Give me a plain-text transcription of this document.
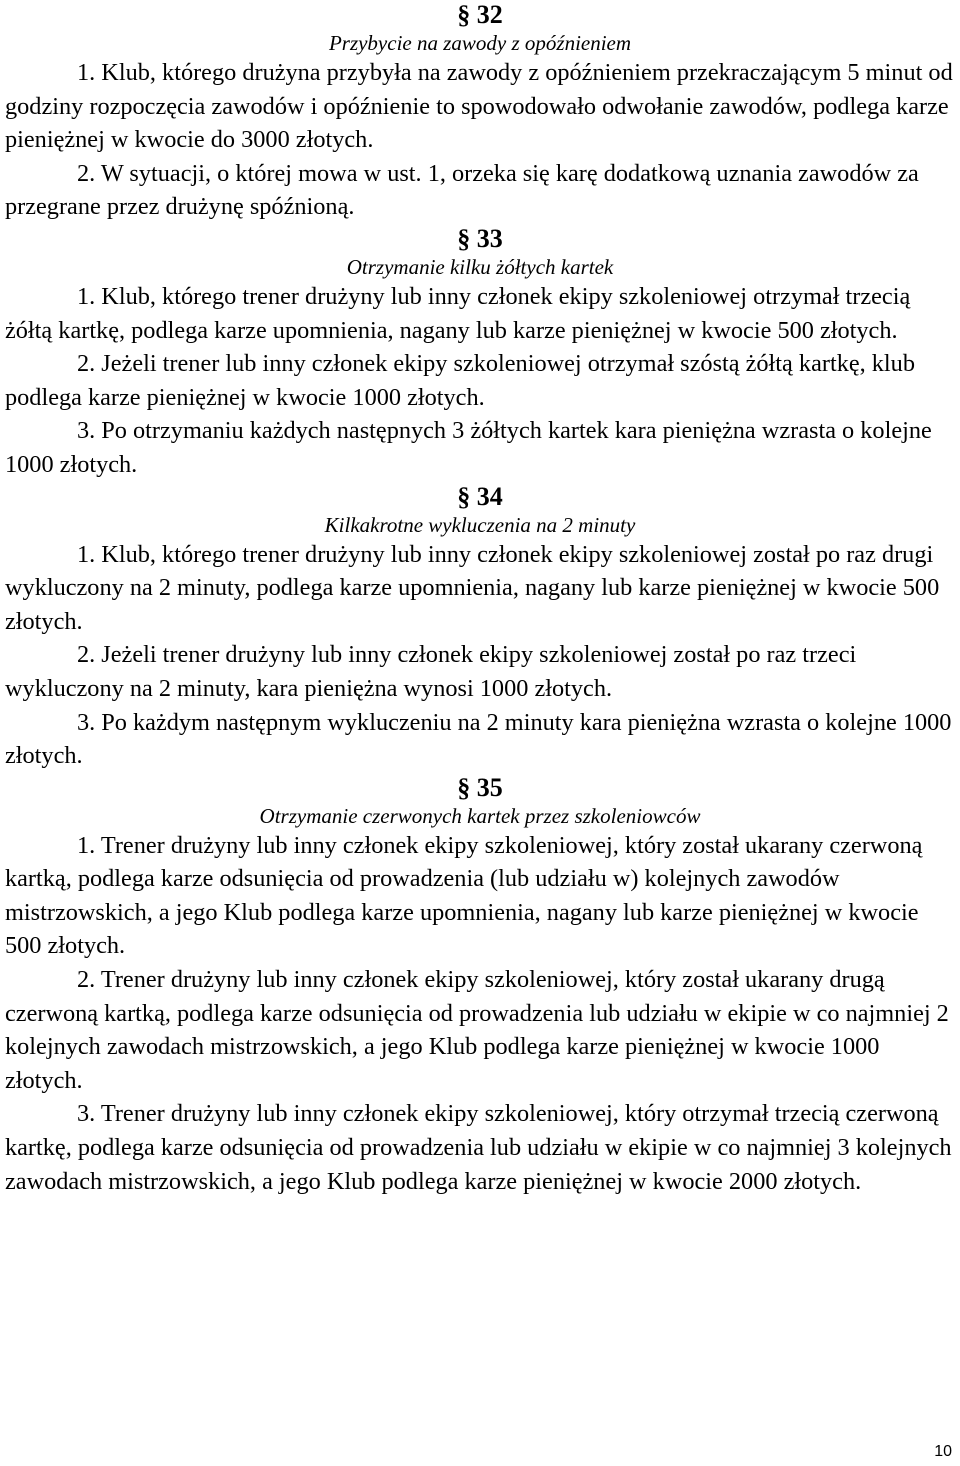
§ 32
Przybycie na zawody z opóźnieniem

1. Klub, którego drużyna przybyła na zawody z opóźnieniem przekraczającym 5 minut od godziny rozpoczęcia zawodów i opóźnienie to spowodowało odwołanie zawodów, podlega karze pieniężnej w kwocie do 3000 złotych.

2. W sytuacji, o której mowa w ust. 1, orzeka się karę dodatkową uznania zawodów za przegrane przez drużynę spóźnioną.

§ 33
Otrzymanie kilku żółtych kartek

1. Klub, którego trener drużyny lub inny członek ekipy szkoleniowej otrzymał trzecią żółtą kartkę, podlega karze upomnienia, nagany lub karze pieniężnej w kwocie 500 złotych.

2. Jeżeli trener lub inny członek ekipy szkoleniowej otrzymał szóstą żółtą kartkę, klub podlega karze pieniężnej w kwocie 1000 złotych.

3. Po otrzymaniu każdych następnych 3 żółtych kartek kara pieniężna wzrasta o kolejne 1000 złotych.

§ 34
Kilkakrotne wykluczenia na 2 minuty

1. Klub, którego trener drużyny lub inny członek ekipy szkoleniowej został po raz drugi wykluczony na 2 minuty, podlega karze upomnienia, nagany lub karze pieniężnej w kwocie 500 złotych.

2. Jeżeli trener drużyny lub inny członek ekipy szkoleniowej został po raz trzeci wykluczony na 2 minuty, kara pieniężna wynosi 1000 złotych.

3. Po każdym następnym wykluczeniu na 2 minuty kara pieniężna wzrasta o kolejne 1000 złotych.

§ 35
Otrzymanie czerwonych kartek przez szkoleniowców

1. Trener drużyny lub inny członek ekipy szkoleniowej, który został ukarany czerwoną kartką, podlega karze odsunięcia od prowadzenia (lub udziału w) kolejnych zawodów mistrzowskich, a jego Klub podlega karze upomnienia, nagany lub karze pieniężnej w kwocie 500 złotych.

2. Trener drużyny lub inny członek ekipy szkoleniowej, który został ukarany drugą czerwoną kartką, podlega karze odsunięcia od prowadzenia lub udziału w ekipie w co najmniej 2 kolejnych zawodach mistrzowskich, a jego Klub podlega karze pieniężnej w kwocie 1000 złotych.

3. Trener drużyny lub inny członek ekipy szkoleniowej, który otrzymał trzecią czerwoną kartkę, podlega karze odsunięcia od prowadzenia lub udziału w ekipie w co najmniej 3 kolejnych zawodach mistrzowskich, a jego Klub podlega karze pieniężnej w kwocie 2000 złotych.

10
